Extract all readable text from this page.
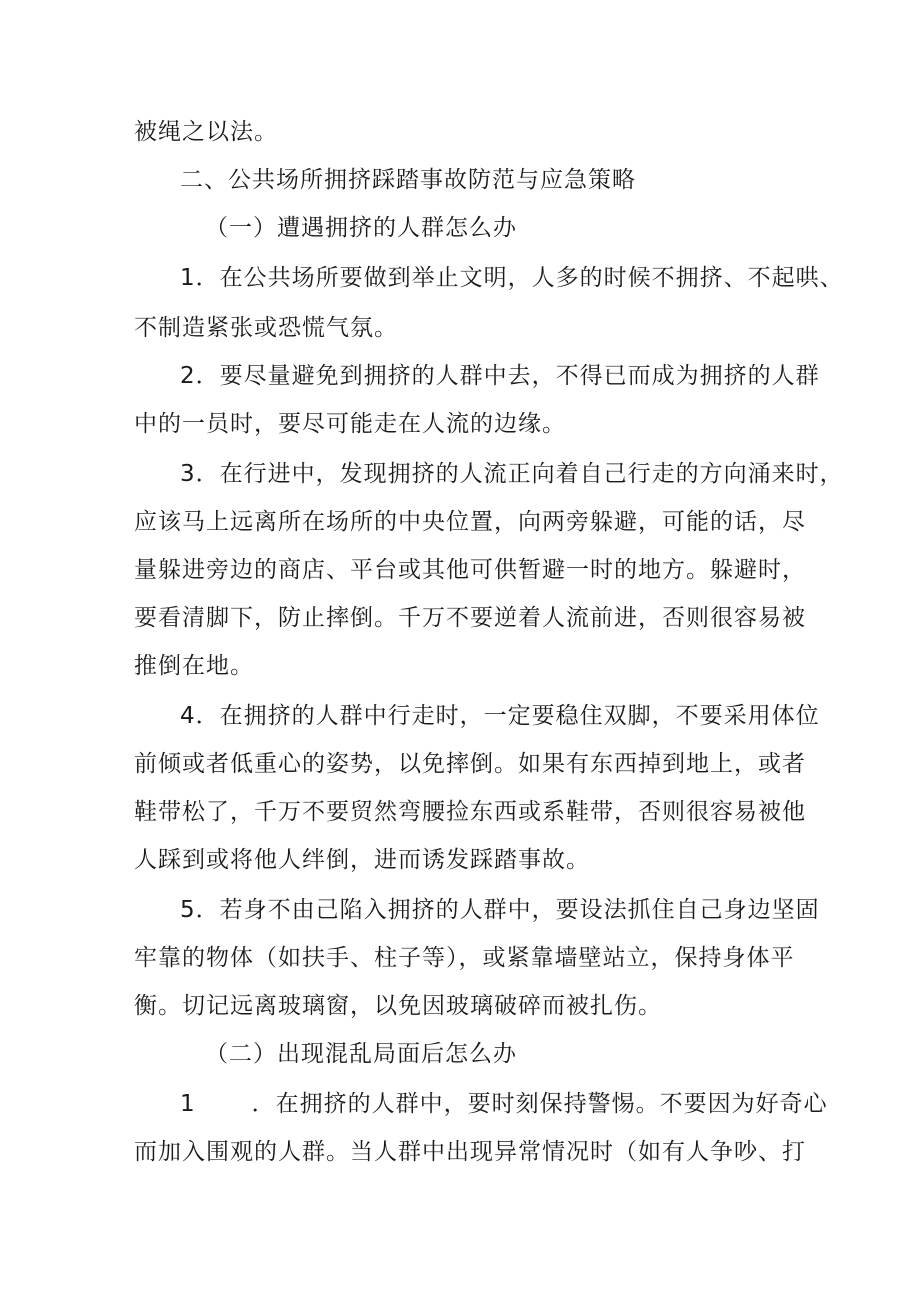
被绳之以法。
二、公共场所拥挤踩踏事故防范与应急策略
（一）遭遇拥挤的人群怎么办
1．在公共场所要做到举止文明，人多的时候不拥挤、不起哄、
不制造紧张或恐慌气氛。
2．要尽量避免到拥挤的人群中去，不得已而成为拥挤的人群
中的一员时，要尽可能走在人流的边缘。
3．在行进中，发现拥挤的人流正向着自己行走的方向涌来时，
应该马上远离所在场所的中央位置，向两旁躲避，可能的话，尽
量躲进旁边的商店、平台或其他可供暂避一时的地方。躲避时，
要看清脚下，防止摔倒。千万不要逆着人流前进，否则很容易被
推倒在地。
4．在拥挤的人群中行走时，一定要稳住双脚，不要采用体位
前倾或者低重心的姿势，以免摔倒。如果有东西掉到地上，或者
鞋带松了，千万不要贸然弯腰捡东西或系鞋带，否则很容易被他
人踩到或将他人绊倒，进而诱发踩踏事故。
5．若身不由己陷入拥挤的人群中，要设法抓住自己身边坚固
牢靠的物体（如扶手、柱子等），或紧靠墙壁站立，保持身体平
衡。切记远离玻璃窗，以免因玻璃破碎而被扎伤。
（二）出现混乱局面后怎么办
1 ．在拥挤的人群中，要时刻保持警惕。不要因为好奇心
而加入围观的人群。当人群中出现异常情况时（如有人争吵、打
